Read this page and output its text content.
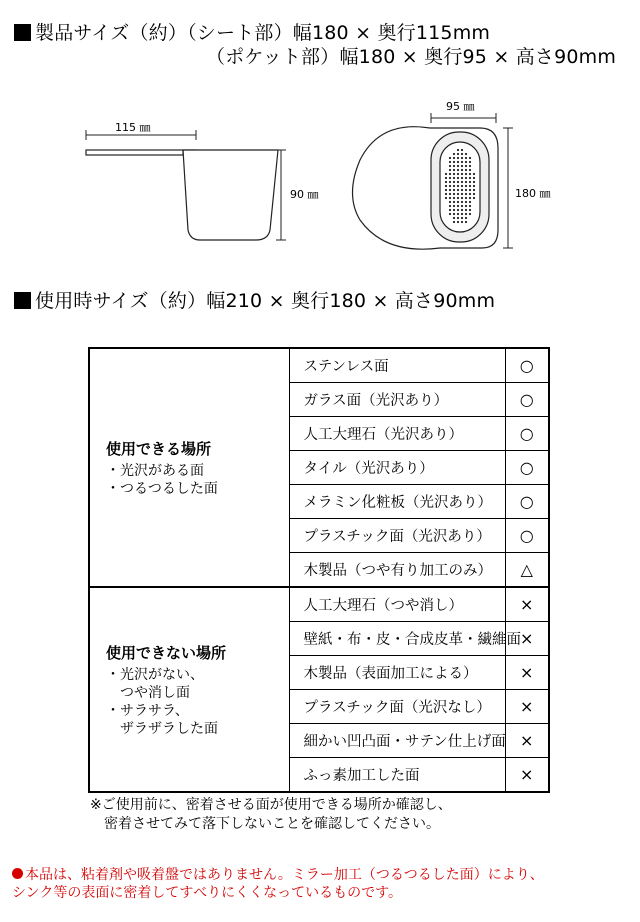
製品サイズ（約）（シート部）幅180 × 奥行115mm
（ポケット部）幅180 × 奥行95 × 高さ90mm
115 ㎜
90 ㎜
95 ㎜
180 ㎜
使用時サイズ（約）幅210 × 奥行180 × 高さ90mm
使用できる場所
・光沢がある面
・つるつるした面	ステンレス面	○
	ガラス面（光沢あり）	○
	人工大理石（光沢あり）	○
	タイル（光沢あり）	○
	メラミン化粧板（光沢あり）	○
	プラスチック面（光沢あり）	○
	木製品（つや有り加工のみ）	△

使用できない場所
・光沢がない、
　つや消し面
・サラサラ、
　ザラザラした面	人工大理石（つや消し）	×
	壁紙・布・皮・合成皮革・繊維面	×
	木製品（表面加工による）	×
	プラスチック面（光沢なし）	×
	細かい凹凸面・サテン仕上げ面	×
	ふっ素加工した面	×
※ご使用前に、密着させる面が使用できる場所か確認し、
　密着させてみて落下しないことを確認してください。
本品は、粘着剤や吸着盤ではありません。ミラー加工（つるつるした面）により、
シンク等の表面に密着してすべりにくくなっているものです。
